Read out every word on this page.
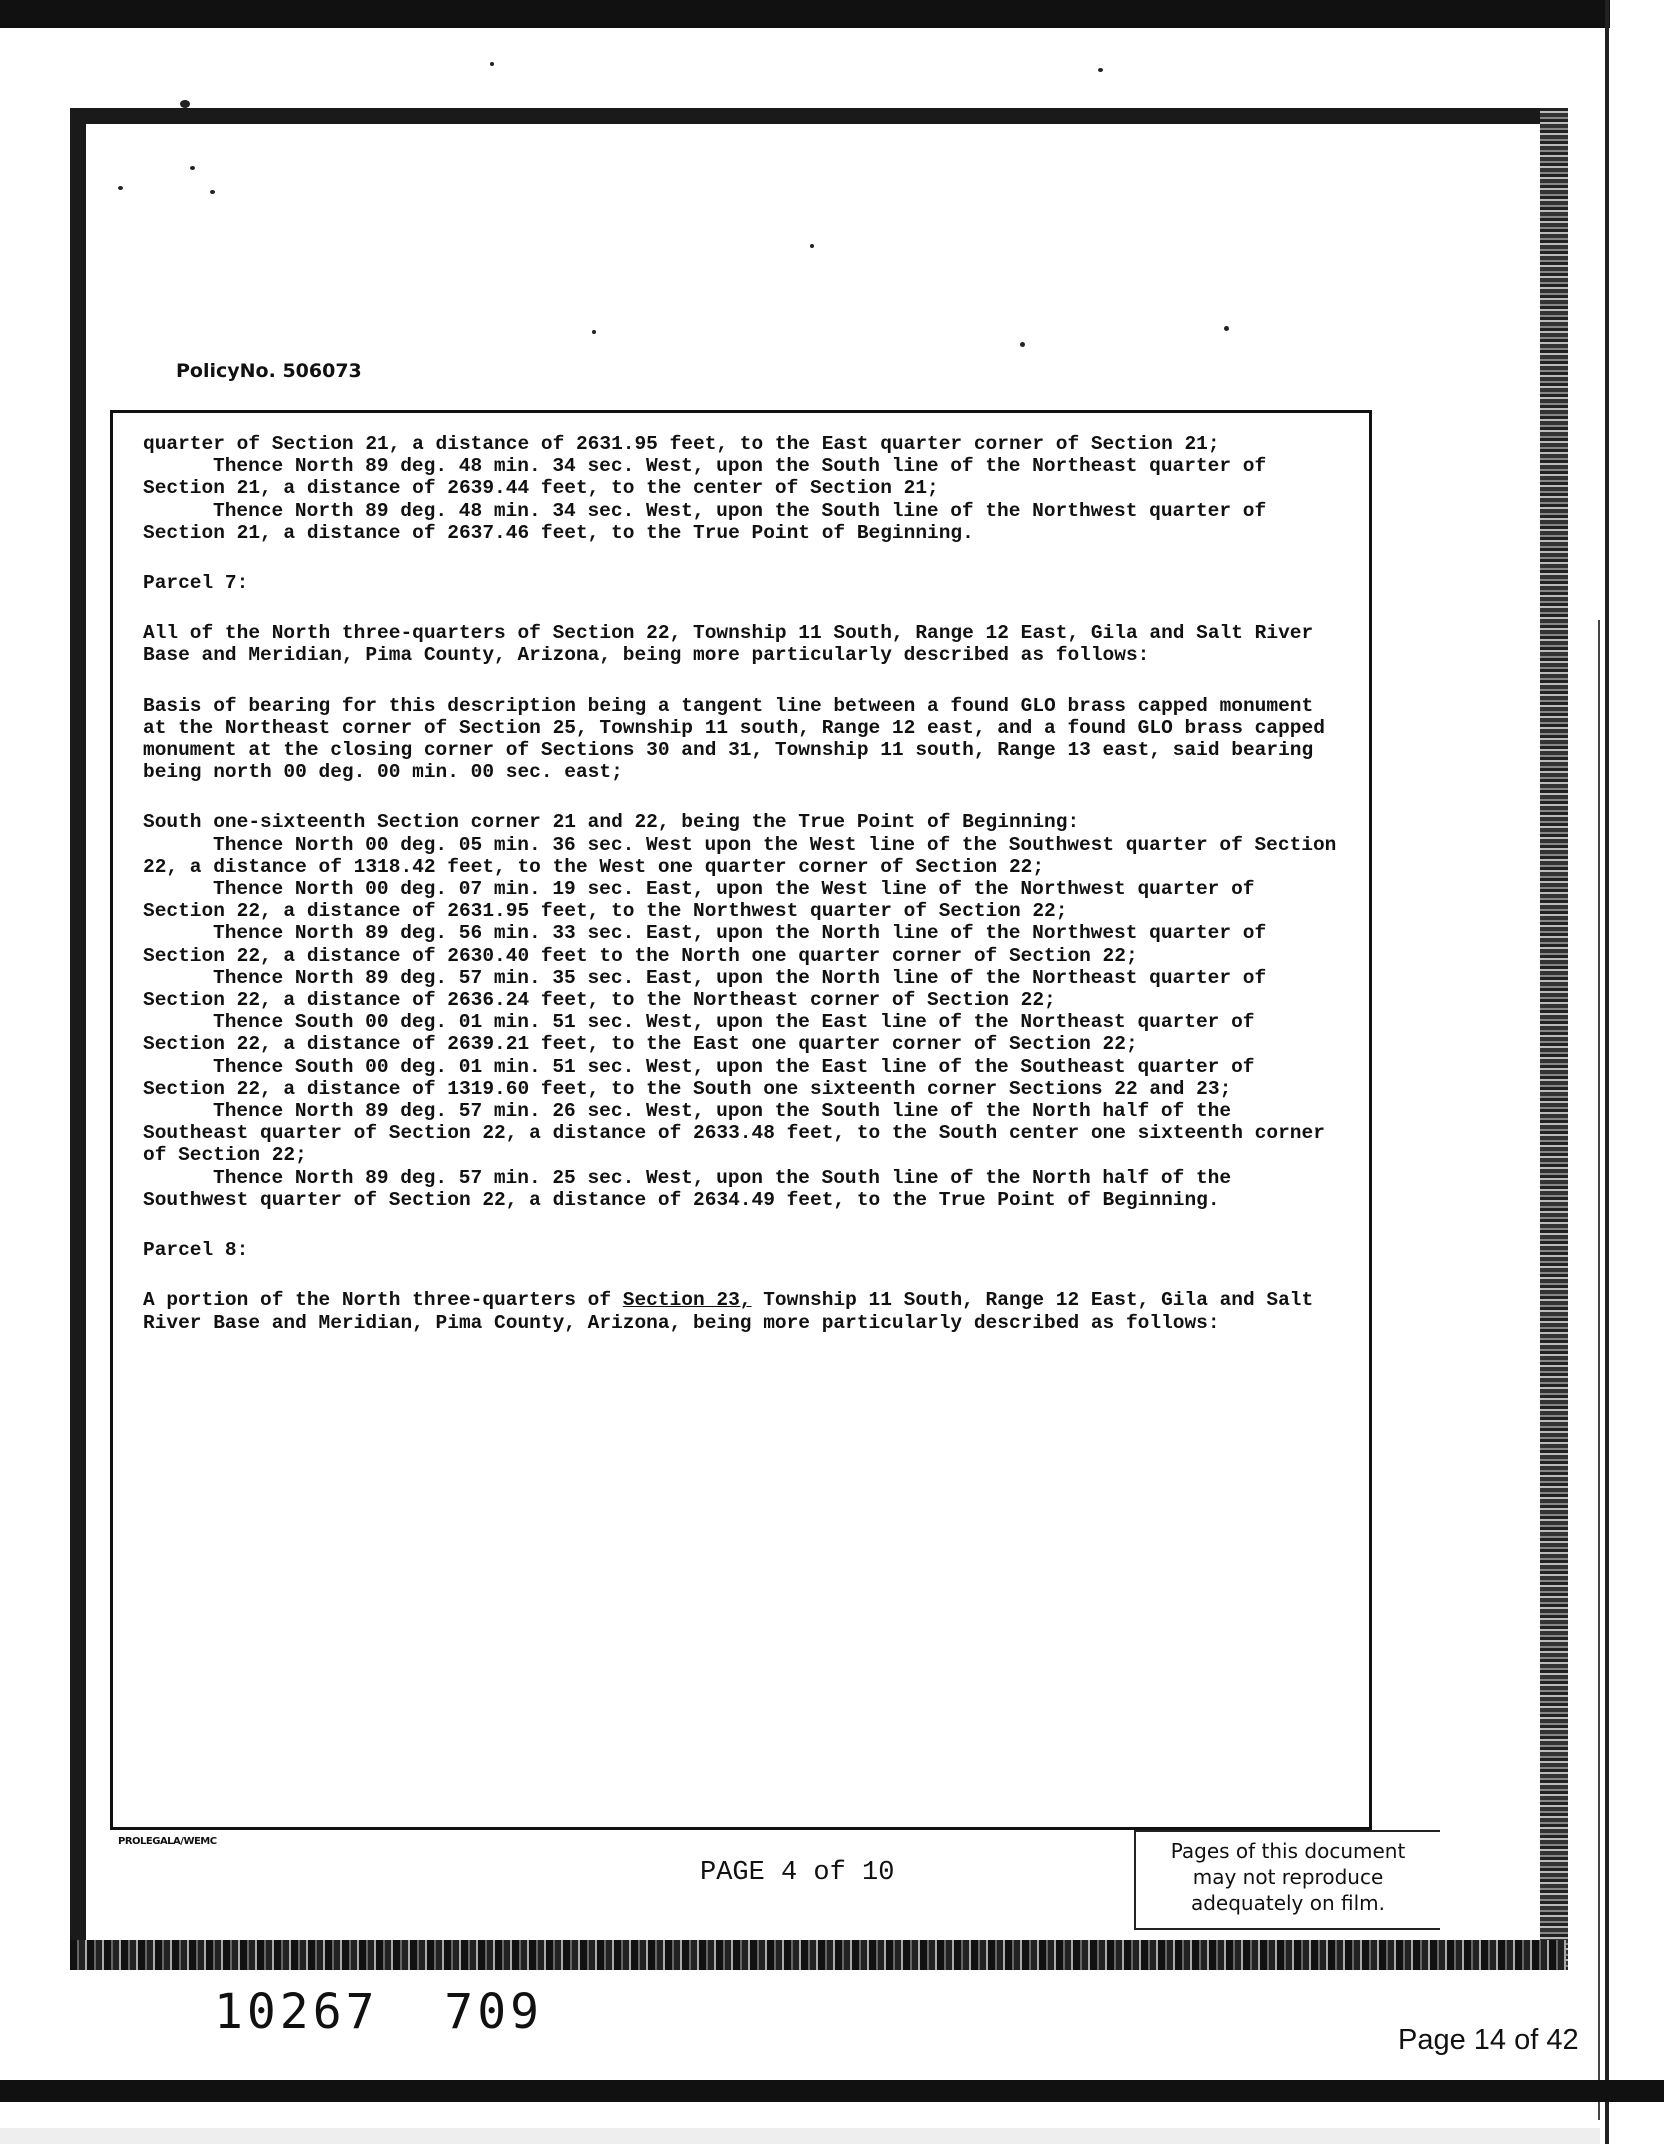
PolicyNo. 506073

quarter of Section 21, a distance of 2631.95 feet, to the East quarter corner of Section 21;

Thence North 89 deg. 48 min. 34 sec. West, upon the South line of the Northeast quarter of Section 21, a distance of 2639.44 feet, to the center of Section 21;

Thence North 89 deg. 48 min. 34 sec. West, upon the South line of the Northwest quarter of Section 21, a distance of 2637.46 feet, to the True Point of Beginning.

Parcel 7:

All of the North three-quarters of Section 22, Township 11 South, Range 12 East, Gila and Salt River Base and Meridian, Pima County, Arizona, being more particularly described as follows:

Basis of bearing for this description being a tangent line between a found GLO brass capped monument at the Northeast corner of Section 25, Township 11 south, Range 12 east, and a found GLO brass capped monument at the closing corner of Sections 30 and 31, Township 11 south, Range 13 east, said bearing being north 00 deg. 00 min. 00 sec. east;

South one-sixteenth Section corner 21 and 22, being the True Point of Beginning:

Thence North 00 deg. 05 min. 36 sec. West upon the West line of the Southwest quarter of Section 22, a distance of 1318.42 feet, to the West one quarter corner of Section 22;

Thence North 00 deg. 07 min. 19 sec. East, upon the West line of the Northwest quarter of Section 22, a distance of 2631.95 feet, to the Northwest quarter of Section 22;

Thence North 89 deg. 56 min. 33 sec. East, upon the North line of the Northwest quarter of Section 22, a distance of 2630.40 feet to the North one quarter corner of Section 22;

Thence North 89 deg. 57 min. 35 sec. East, upon the North line of the Northeast quarter of Section 22, a distance of 2636.24 feet, to the Northeast corner of Section 22;

Thence South 00 deg. 01 min. 51 sec. West, upon the East line of the Northeast quarter of Section 22, a distance of 2639.21 feet, to the East one quarter corner of Section 22;

Thence South 00 deg. 01 min. 51 sec. West, upon the East line of the Southeast quarter of Section 22, a distance of 1319.60 feet, to the South one sixteenth corner Sections 22 and 23;

Thence North 89 deg. 57 min. 26 sec. West, upon the South line of the North half of the Southeast quarter of Section 22, a distance of 2633.48 feet, to the South center one sixteenth corner of Section 22;

Thence North 89 deg. 57 min. 25 sec. West, upon the South line of the North half of the Southwest quarter of Section 22, a distance of 2634.49 feet, to the True Point of Beginning.

Parcel 8:

A portion of the North three-quarters of Section 23, Township 11 South, Range 12 East, Gila and Salt River Base and Meridian, Pima County, Arizona, being more particularly described as follows:

PROLEGALA/WEMC
PAGE 4 of 10
Pages of this document
may not reproduce
adequately on film.
10267  709	Page 14 of 42
